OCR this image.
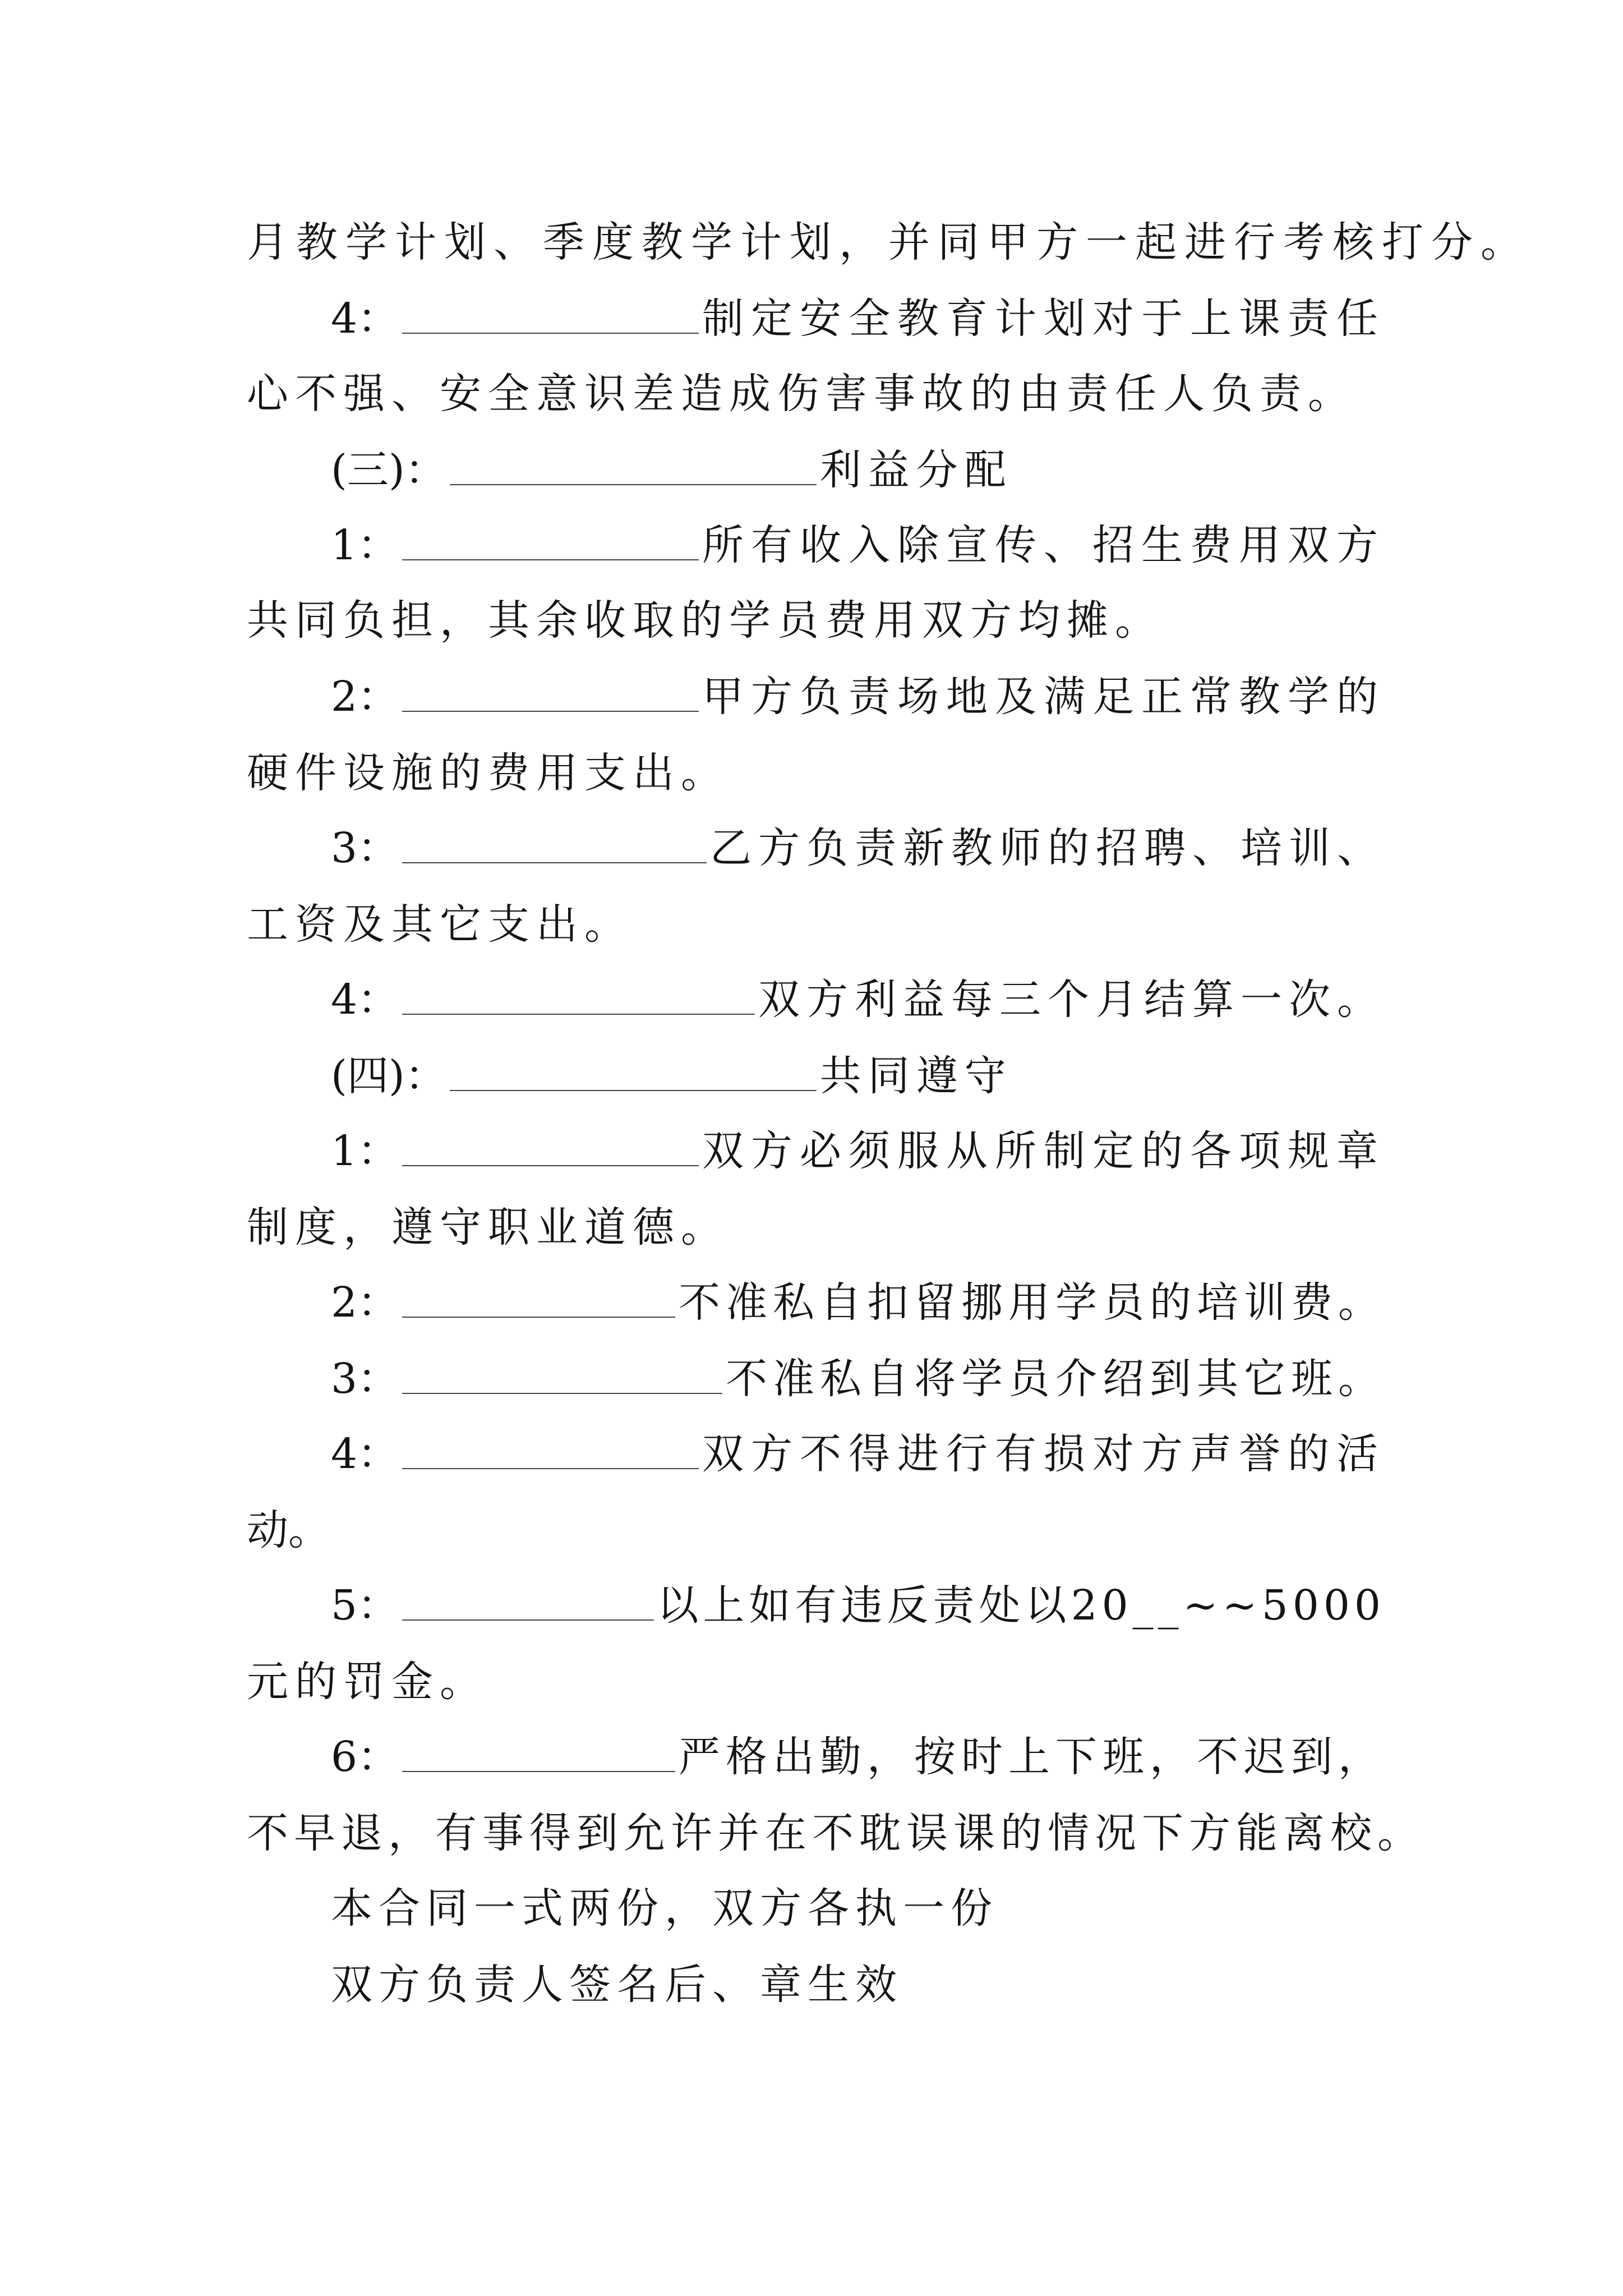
月教学计划、季度教学计划，并同甲方一起进行考核打分。
4：	制定安全教育计划对于上课责任
心不强、安全意识差造成伤害事故的由责任人负责。
(三)：	利益分配
1：	所有收入除宣传、招生费用双方
共同负担，其余收取的学员费用双方均摊。
2：	甲方负责场地及满足正常教学的
硬件设施的费用支出。
3：	乙方负责新教师的招聘、培训、
工资及其它支出。
4：	双方利益每三个月结算一次。
(四)：	共同遵守
1：	双方必须服从所制定的各项规章
制度，遵守职业道德。
2：	不准私自扣留挪用学员的培训费。
3：	不准私自将学员介绍到其它班。
4：	双方不得进行有损对方声誉的活
动。
5：	以上如有违反责处以20__~~5000
元的罚金。
6：	严格出勤，按时上下班，不迟到，
不早退，有事得到允许并在不耽误课的情况下方能离校。
本合同一式两份，双方各执一份
双方负责人签名后、章生效
